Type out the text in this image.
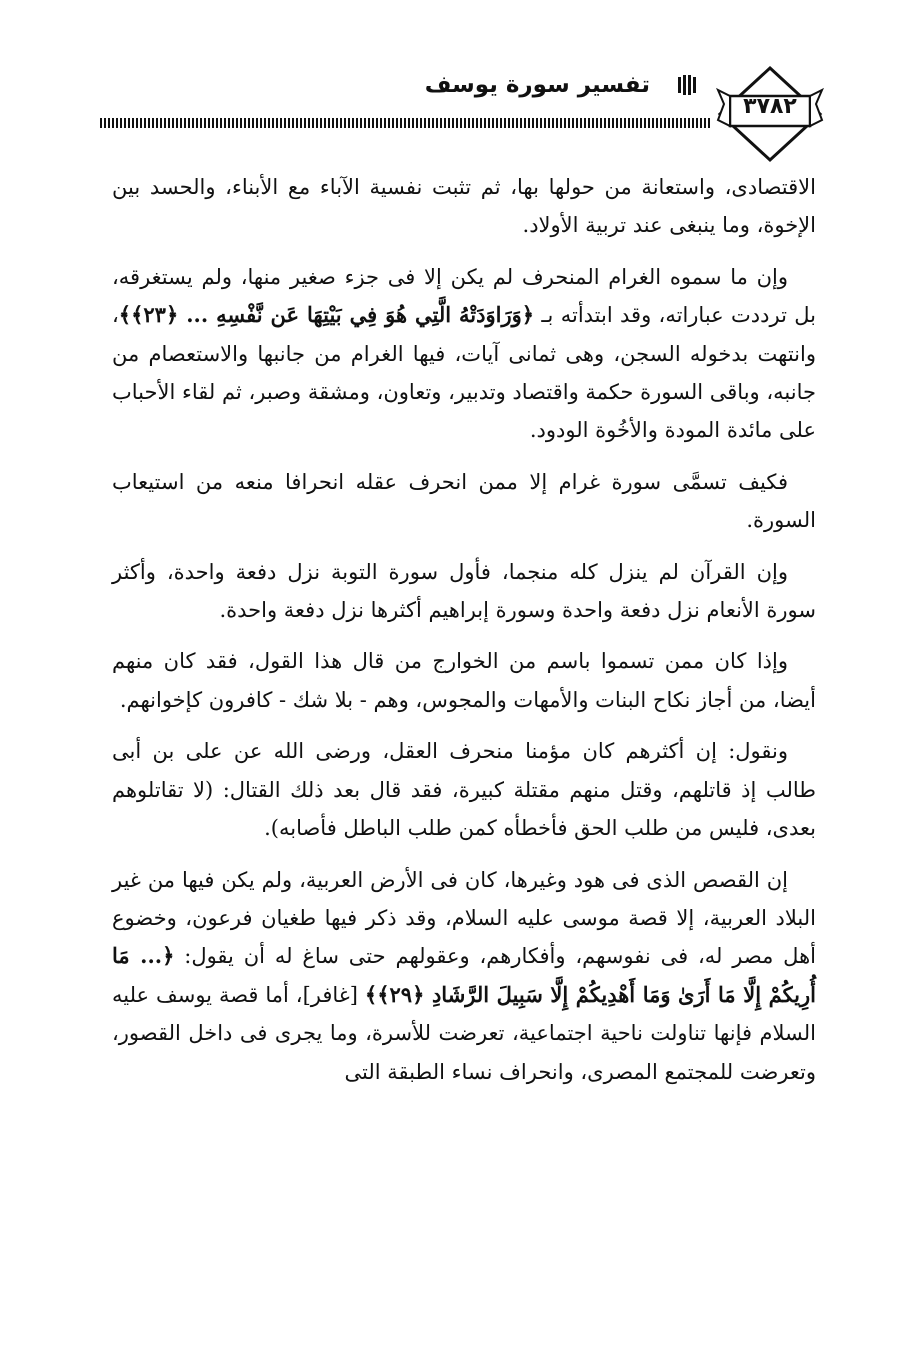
٣٧٨٢
تفسير سورة يوسف

الاقتصادى، واستعانة من حولها بها، ثم تثبت نفسية الآباء مع الأبناء، والحسد بين الإخوة، وما ينبغى عند تربية الأولاد.

وإن ما سموه الغرام المنحرف لم يكن إلا فى جزء صغير منها، ولم يستغرقه، بل ترددت عباراته، وقد ابتدأته بـ ﴿وَرَاوَدَتْهُ الَّتِي هُوَ فِي بَيْتِهَا عَن نَّفْسِهِ ... ﴿٢٣﴾﴾، وانتهت بدخوله السجن، وهى ثمانى آيات، فيها الغرام من جانبها والاستعصام من جانبه، وباقى السورة حكمة واقتصاد وتدبير، وتعاون، ومشقة وصبر، ثم لقاء الأحباب على مائدة المودة والأخُوة الودود.

فكيف تسمَّى سورة غرام إلا ممن انحرف عقله انحرافا منعه من استيعاب السورة.

وإن القرآن لم ينزل كله منجما، فأول سورة التوبة نزل دفعة واحدة، وأكثر سورة الأنعام نزل دفعة واحدة وسورة إبراهيم أكثرها نزل دفعة واحدة.

وإذا كان ممن تسموا باسم من الخوارج من قال هذا القول، فقد كان منهم أيضا، من أجاز نكاح البنات والأمهات والمجوس، وهم - بلا شك - كافرون كإخوانهم.

ونقول: إن أكثرهم كان مؤمنا منحرف العقل، ورضى الله عن على بن أبى طالب إذ قاتلهم، وقتل منهم مقتلة كبيرة، فقد قال بعد ذلك القتال: (لا تقاتلوهم بعدى، فليس من طلب الحق فأخطأه كمن طلب الباطل فأصابه).

إن القصص الذى فى هود وغيرها، كان فى الأرض العربية، ولم يكن فيها من غير البلاد العربية، إلا قصة موسى عليه السلام، وقد ذكر فيها طغيان فرعون، وخضوع أهل مصر له، فى نفوسهم، وأفكارهم، وعقولهم حتى ساغ له أن يقول: ﴿... مَا أُرِيكُمْ إِلَّا مَا أَرَىٰ وَمَا أَهْدِيكُمْ إِلَّا سَبِيلَ الرَّشَادِ ﴿٢٩﴾﴾ [غافر]، أما قصة يوسف عليه السلام فإنها تناولت ناحية اجتماعية، تعرضت للأسرة، وما يجرى فى داخل القصور، وتعرضت للمجتمع المصرى، وانحراف نساء الطبقة التى
